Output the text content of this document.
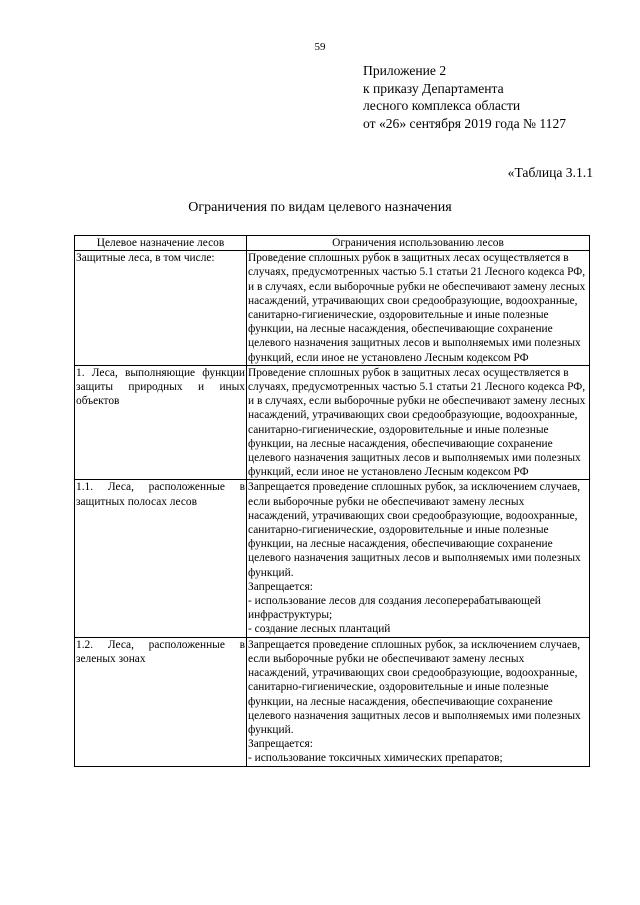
59
Приложение 2
к приказу Департамента
лесного комплекса области
от «26» сентября 2019 года № 1127
«Таблица 3.1.1
Ограничения по видам целевого назначения
Целевое назначение лесов	Ограничения использованию лесов
Защитные леса, в том числе:	Проведение сплошных рубок в защитных лесах осуществляется в случаях, предусмотренных частью 5.1 статьи 21 Лесного кодекса РФ, и в случаях, если выборочные рубки не обеспечивают замену лесных насаждений, утрачивающих свои средообразующие, водоохранные, санитарно-гигиенические, оздоровительные и иные полезные функции, на лесные насаждения, обеспечивающие сохранение целевого назначения защитных лесов и выполняемых ими полезных функций, если иное не установлено Лесным кодексом РФ

1. Леса, выполняющие функции защиты природных и иных объектов	Проведение сплошных рубок в защитных лесах осуществляется в случаях, предусмотренных частью 5.1 статьи 21 Лесного кодекса РФ, и в случаях, если выборочные рубки не обеспечивают замену лесных насаждений, утрачивающих свои средообразующие, водоохранные, санитарно-гигиенические, оздоровительные и иные полезные функции, на лесные насаждения, обеспечивающие сохранение целевого назначения защитных лесов и выполняемых ими полезных функций, если иное не установлено Лесным кодексом РФ

1.1. Леса, расположенные в защитных полосах лесов	Запрещается проведение сплошных рубок, за исключением случаев, если выборочные рубки не обеспечивают замену лесных насаждений, утрачивающих свои средообразующие, водоохранные, санитарно-гигиенические, оздоровительные и иные полезные функции, на лесные насаждения, обеспечивающие сохранение целевого назначения защитных лесов и выполняемых ими полезных функций.
Запрещается:
- использование лесов для создания лесоперерабатывающей инфраструктуры;
- создание лесных плантаций

1.2. Леса, расположенные в зеленых зонах	Запрещается проведение сплошных рубок, за исключением случаев, если выборочные рубки не обеспечивают замену лесных насаждений, утрачивающих свои средообразующие, водоохранные, санитарно-гигиенические, оздоровительные и иные полезные функции, на лесные насаждения, обеспечивающие сохранение целевого назначения защитных лесов и выполняемых ими полезных функций.
Запрещается:
- использование токсичных химических препаратов;
